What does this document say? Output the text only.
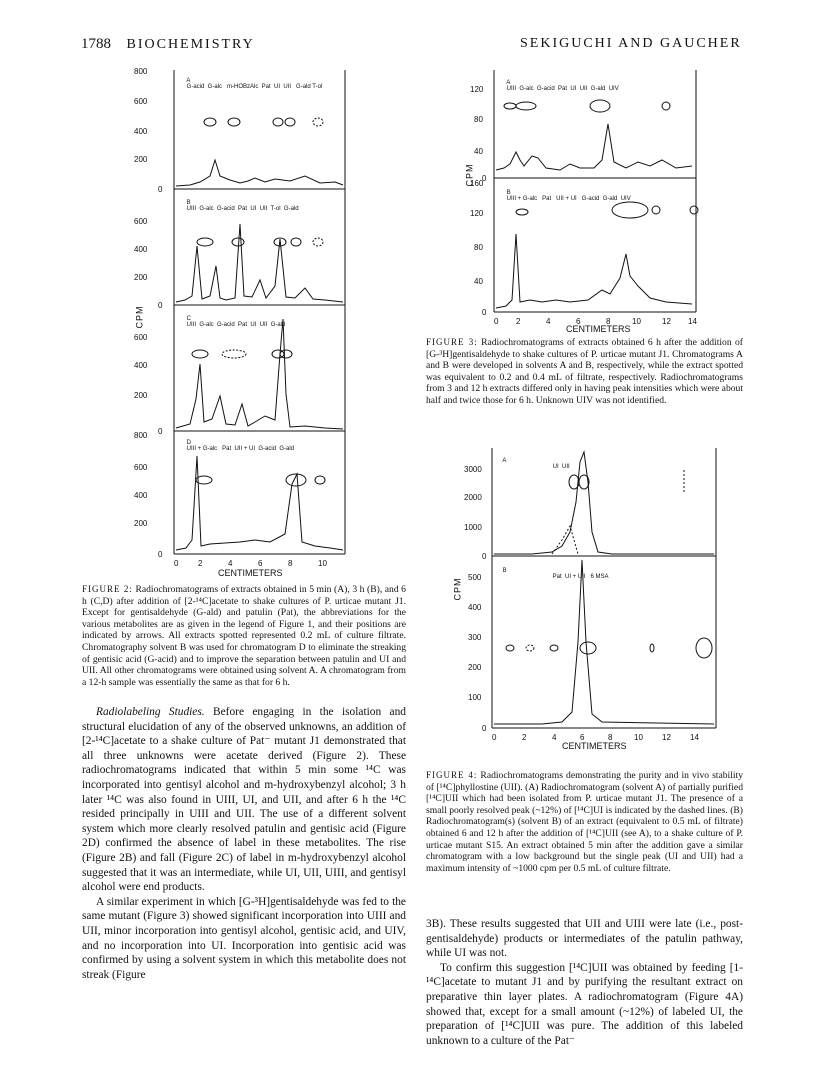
1788 BIOCHEMISTRY	SEKIGUCHI AND GAUCHER
800
600
400
200
0
600
400
200
0
600
400
200
0
800
600
400
200
0
0 2	4	6	8	10

A
G-acid  G-alc   m-HOBzAlc  Pat  UI  UII   G-ald T-ol

B
UIII  G-alc  G-acid  Pat  UI  UII  T-ol  G-ald

C
UIII  G-alc  G-acid  Pat  UI  UII  G-ald

D
UIII + G-alc   Pat  UII + UI  G-acid  G-ald

CPM
CENTIMETERS
FIGURE 2: Radiochromatograms of extracts obtained in 5 min (A), 3 h (B), and 6 h (C,D) after addition of [2-¹⁴C]acetate to shake cultures of P. urticae mutant J1. Except for gentisaldehyde (G-ald) and patulin (Pat), the abbreviations for the various metabolites are as given in the legend of Figure 1, and their positions are indicated by arrows. All extracts spotted represented 0.2 mL of culture filtrate. Chromatography solvent B was used for chromatogram D to eliminate the streaking of gentisic acid (G-acid) and to improve the separation between patulin and UI and UII. All other chromatograms were obtained using solvent A. A chromatogram from a 12-h sample was essentially the same as that for 6 h.
120
80
40
0
160
120
80
40
0
0 2	4	6	8	10	12 14

A
UIII  G-alc  G-acid  Pat  UI  UII  G-ald  UIV

B
UIII + G-alc   Pat   UII + UI   G-acid  G-ald  UIV

CPM
CENTIMETERS
FIGURE 3: Radiochromatograms of extracts obtained 6 h after the addition of [G-³H]gentisaldehyde to shake cultures of P. urticae mutant J1. Chromatograms A and B were developed in solvents A and B, respectively, while the extract spotted was equivalent to 0.2 and 0.4 mL of filtrate, respectively. Radiochromatograms from 3 and 12 h extracts differed only in having peak intensities which were about half and twice those for 6 h. Unknown UIV was not identified.
3000
2000
1000
0
500
400
300
200
100
0
0	2	4	6	8	10 12 14

A
UI  UII

B
Pat  UI + UII   6 MSA

CPM
CENTIMETERS
FIGURE 4: Radiochromatograms demonstrating the purity and in vivo stability of [¹⁴C]phyllostine (UII). (A) Radiochromatogram (solvent A) of partially purified [¹⁴C]UII which had been isolated from P. urticae mutant J1. The presence of a small poorly resolved peak (~12%) of [¹⁴C]UI is indicated by the dashed lines. (B) Radiochromatogram(s) (solvent B) of an extract (equivalent to 0.5 mL of filtrate) obtained 6 and 12 h after the addition of [¹⁴C]UII (see A), to a shake culture of P. urticae mutant S15. An extract obtained 5 min after the addition gave a similar chromatogram with a low background but the single peak (UI and UII) had a maximum intensity of ~1000 cpm per 0.5 mL of culture filtrate.

Radiolabeling Studies. Before engaging in the isolation and structural elucidation of any of the observed unknowns, an addition of [2-¹⁴C]acetate to a shake culture of Pat⁻ mutant J1 demonstrated that all three unknowns were acetate derived (Figure 2). These radiochromatograms indicated that within 5 min some ¹⁴C was incorporated into gentisyl alcohol and m-hydroxybenzyl alcohol; 3 h later ¹⁴C was also found in UIII, UI, and UII, and after 6 h the ¹⁴C resided principally in UIII and UII. The use of a different solvent system which more clearly resolved patulin and gentisic acid (Figure 2D) confirmed the absence of label in these metabolites. The rise (Figure 2B) and fall (Figure 2C) of label in m-hydroxybenzyl alcohol suggested that it was an intermediate, while UI, UII, UIII, and gentisyl alcohol were end products.

A similar experiment in which [G-³H]gentisaldehyde was fed to the same mutant (Figure 3) showed significant incorporation into UIII and UII, minor incorporation into gentisyl alcohol, gentisic acid, and UIV, and no incorporation into UI. Incorporation into gentisic acid was confirmed by using a solvent system in which this metabolite does not streak (Figure

3B). These results suggested that UII and UIII were late (i.e., post-gentisaldehyde) products or intermediates of the patulin pathway, while UI was not.

To confirm this suggestion [¹⁴C]UII was obtained by feeding [1-¹⁴C]acetate to mutant J1 and by purifying the resultant extract on preparative thin layer plates. A radiochromatogram (Figure 4A) showed that, except for a small amount (~12%) of labeled UI, the preparation of [¹⁴C]UII was pure. The addition of this labeled unknown to a culture of the Pat⁻
